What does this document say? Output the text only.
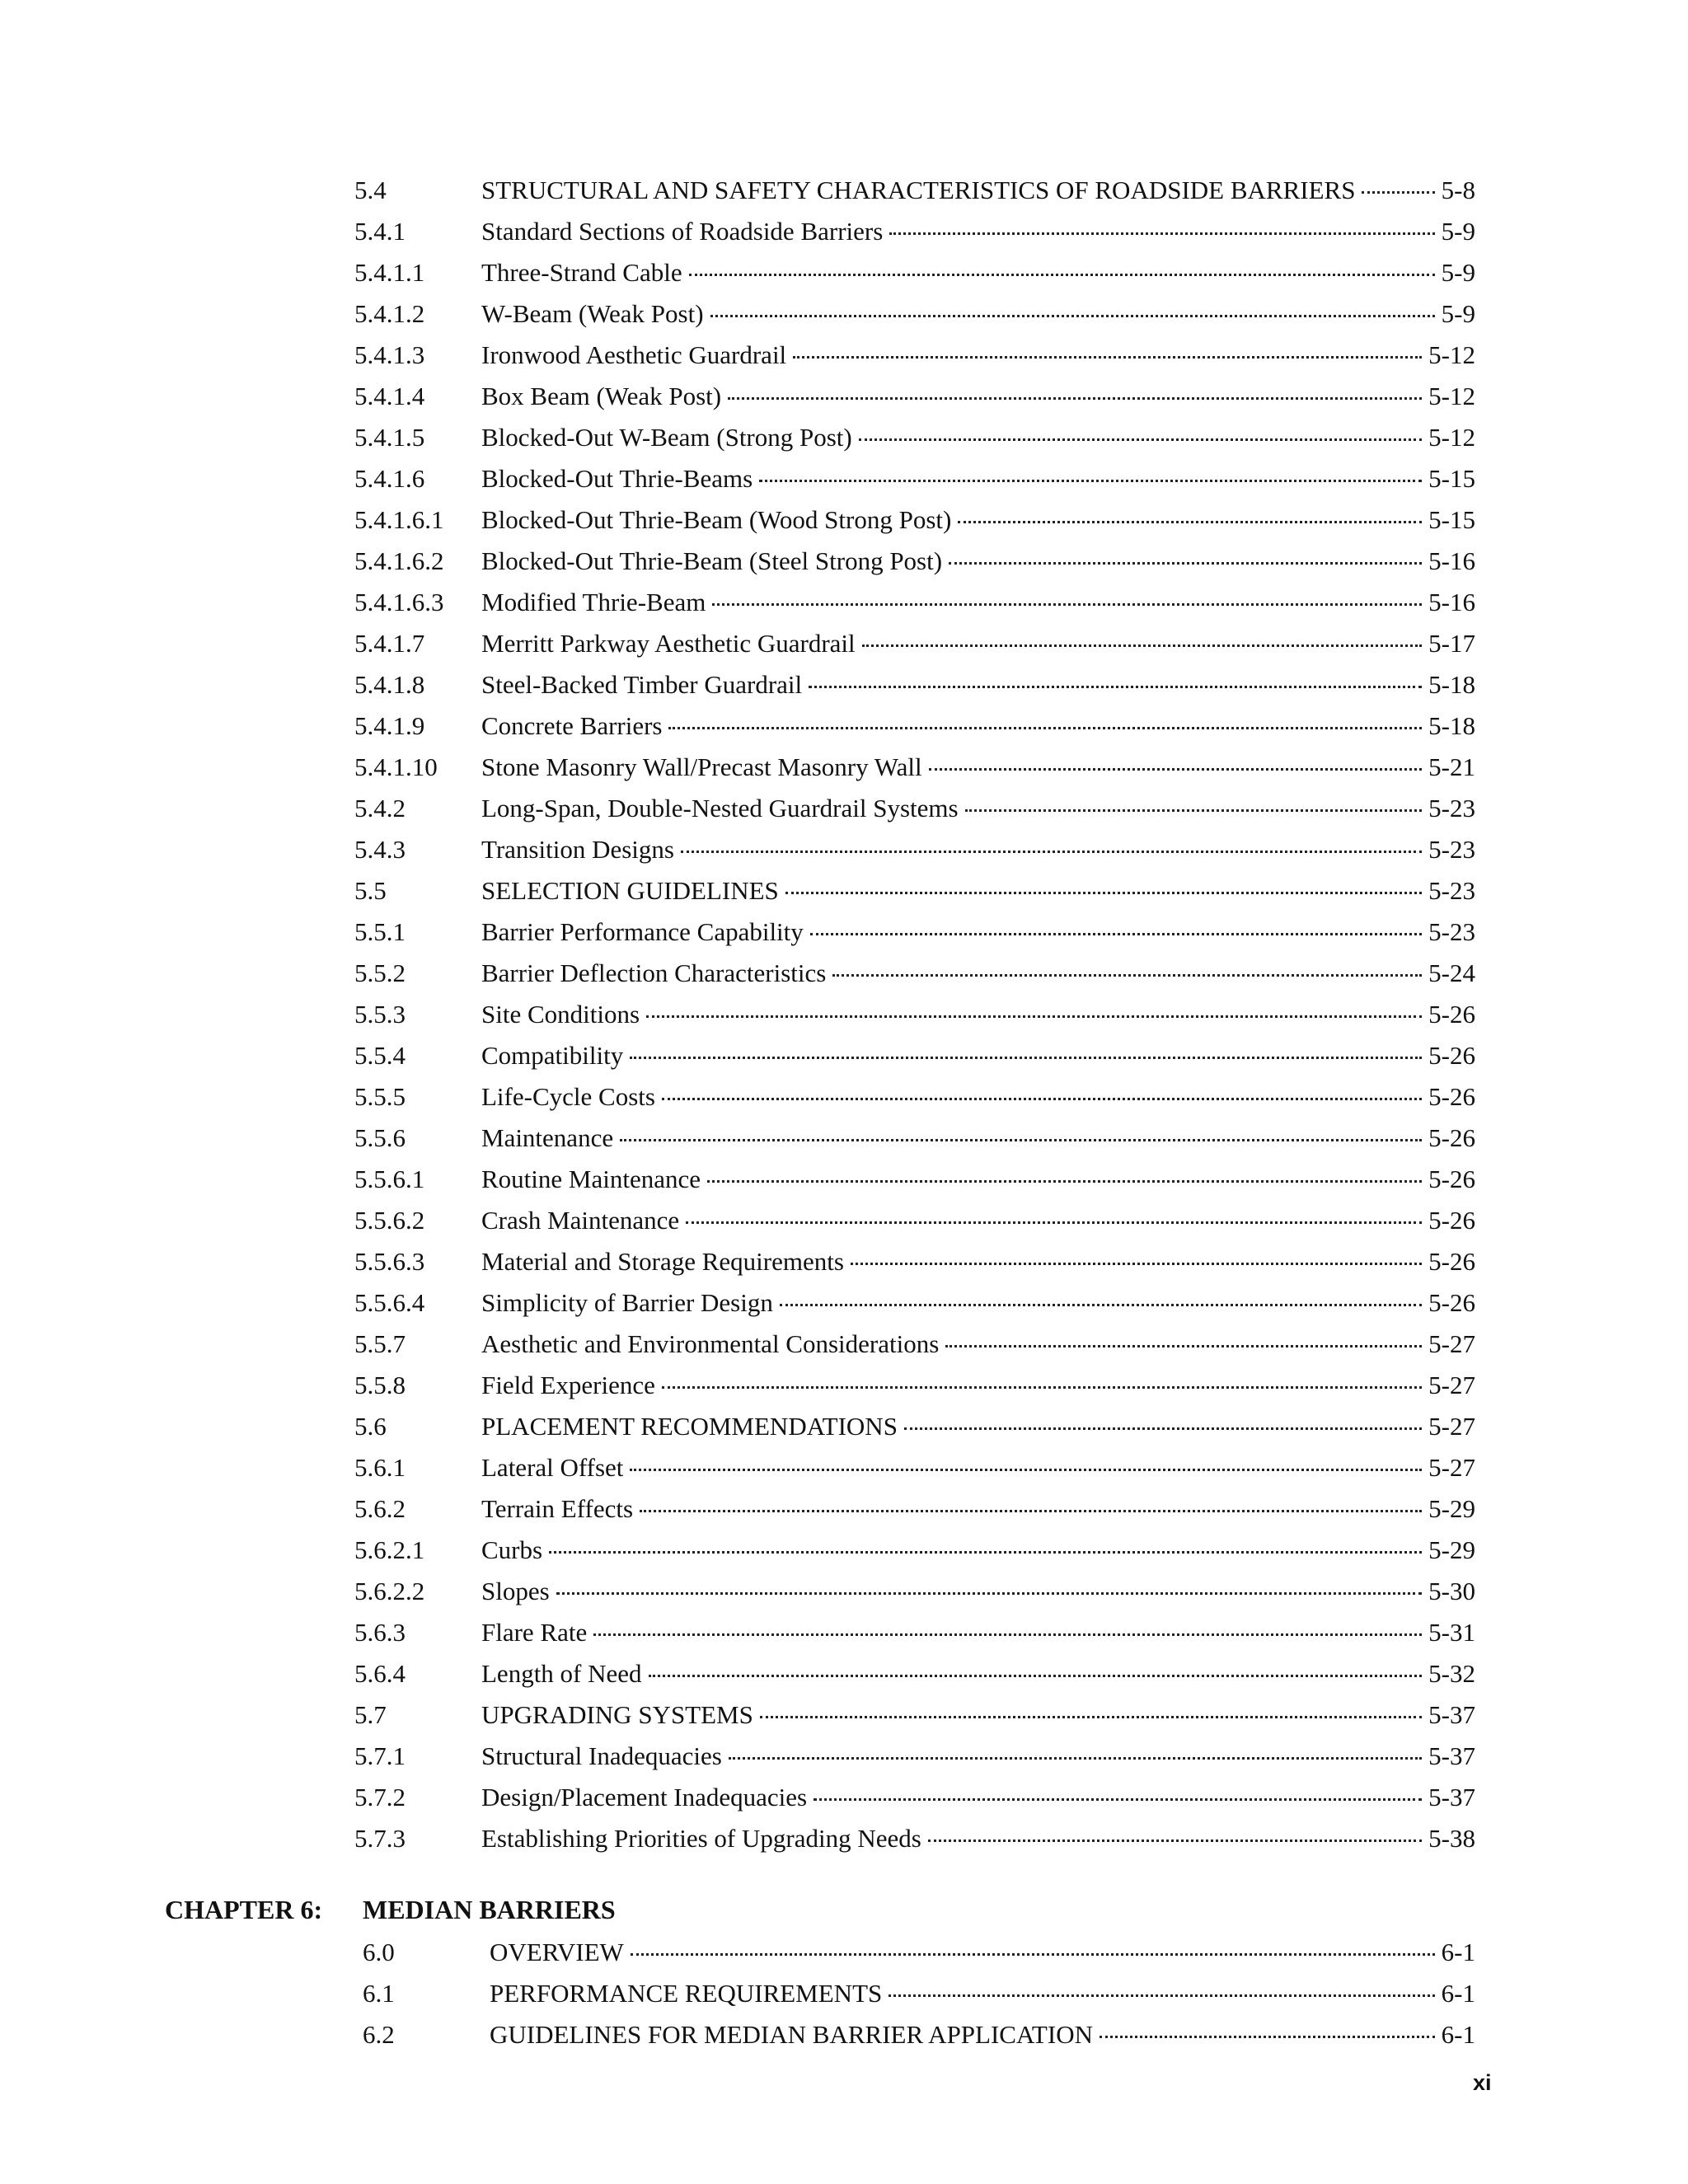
5.4	STRUCTURAL AND SAFETY CHARACTERISTICS OF ROADSIDE BARRIERS	5-8
5.4.1	Standard Sections of Roadside Barriers	5-9
5.4.1.1	Three-Strand Cable	5-9
5.4.1.2	W-Beam (Weak Post)	5-9
5.4.1.3	Ironwood Aesthetic Guardrail	5-12
5.4.1.4	Box Beam (Weak Post)	5-12
5.4.1.5	Blocked-Out W-Beam (Strong Post)	5-12
5.4.1.6	Blocked-Out Thrie-Beams	5-15
5.4.1.6.1	Blocked-Out Thrie-Beam (Wood Strong Post)	5-15
5.4.1.6.2	Blocked-Out Thrie-Beam (Steel Strong Post)	5-16
5.4.1.6.3	Modified Thrie-Beam	5-16
5.4.1.7	Merritt Parkway Aesthetic Guardrail	5-17
5.4.1.8	Steel-Backed Timber Guardrail	5-18
5.4.1.9	Concrete Barriers	5-18
5.4.1.10	Stone Masonry Wall/Precast Masonry Wall	5-21
5.4.2	Long-Span, Double-Nested Guardrail Systems	5-23
5.4.3	Transition Designs	5-23
5.5	SELECTION GUIDELINES	5-23
5.5.1	Barrier Performance Capability	5-23
5.5.2	Barrier Deflection Characteristics	5-24
5.5.3	Site Conditions	5-26
5.5.4	Compatibility	5-26
5.5.5	Life-Cycle Costs	5-26
5.5.6	Maintenance	5-26
5.5.6.1	Routine Maintenance	5-26
5.5.6.2	Crash Maintenance	5-26
5.5.6.3	Material and Storage Requirements	5-26
5.5.6.4	Simplicity of Barrier Design	5-26
5.5.7	Aesthetic and Environmental Considerations	5-27
5.5.8	Field Experience	5-27
5.6	PLACEMENT RECOMMENDATIONS	5-27
5.6.1	Lateral Offset	5-27
5.6.2	Terrain Effects	5-29
5.6.2.1	Curbs	5-29
5.6.2.2	Slopes	5-30
5.6.3	Flare Rate	5-31
5.6.4	Length of Need	5-32
5.7	UPGRADING SYSTEMS	5-37
5.7.1	Structural Inadequacies	5-37
5.7.2	Design/Placement Inadequacies	5-37
5.7.3	Establishing Priorities of Upgrading Needs	5-38
CHAPTER 6:	MEDIAN BARRIERS
6.0	OVERVIEW	6-1
6.1	PERFORMANCE REQUIREMENTS	6-1
6.2	GUIDELINES FOR MEDIAN BARRIER APPLICATION	6-1
xi
